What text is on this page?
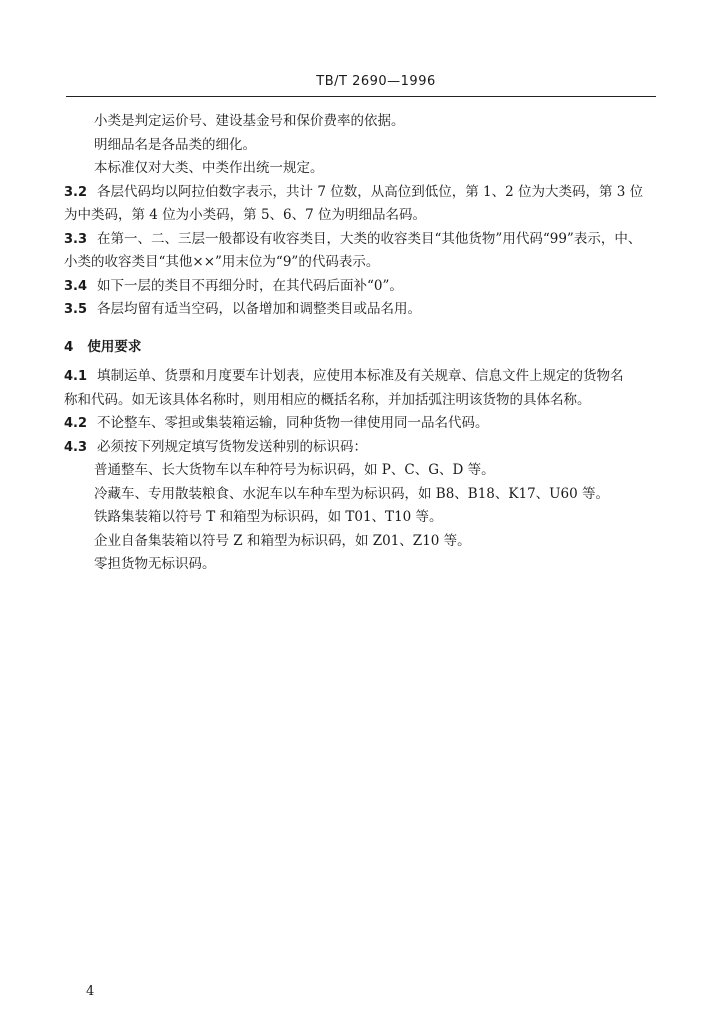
TB/T 2690—1996

小类是判定运价号、建设基金号和保价费率的依据。

明细品名是各品类的细化。

本标准仅对大类、中类作出统一规定。

3.2 各层代码均以阿拉伯数字表示，共计 7 位数，从高位到低位，第 1、2 位为大类码，第 3 位

为中类码，第 4 位为小类码，第 5、6、7 位为明细品名码。

3.3 在第一、二、三层一般都设有收容类目，大类的收容类目“其他货物”用代码“99”表示，中、

小类的收容类目“其他××”用末位为“9”的代码表示。

3.4 如下一层的类目不再细分时，在其代码后面补“0”。

3.5 各层均留有适当空码，以备增加和调整类目或品名用。

4 使用要求

4.1 填制运单、货票和月度要车计划表，应使用本标准及有关规章、信息文件上规定的货物名

称和代码。如无该具体名称时，则用相应的概括名称，并加括弧注明该货物的具体名称。

4.2 不论整车、零担或集装箱运输，同种货物一律使用同一品名代码。

4.3 必须按下列规定填写货物发送种别的标识码：

普通整车、长大货物车以车种符号为标识码，如 P、C、G、D 等。

冷藏车、专用散装粮食、水泥车以车种车型为标识码，如 B8、B18、K17、U60 等。

铁路集装箱以符号 T 和箱型为标识码，如 T01、T10 等。

企业自备集装箱以符号 Z 和箱型为标识码，如 Z01、Z10 等。

零担货物无标识码。

4
